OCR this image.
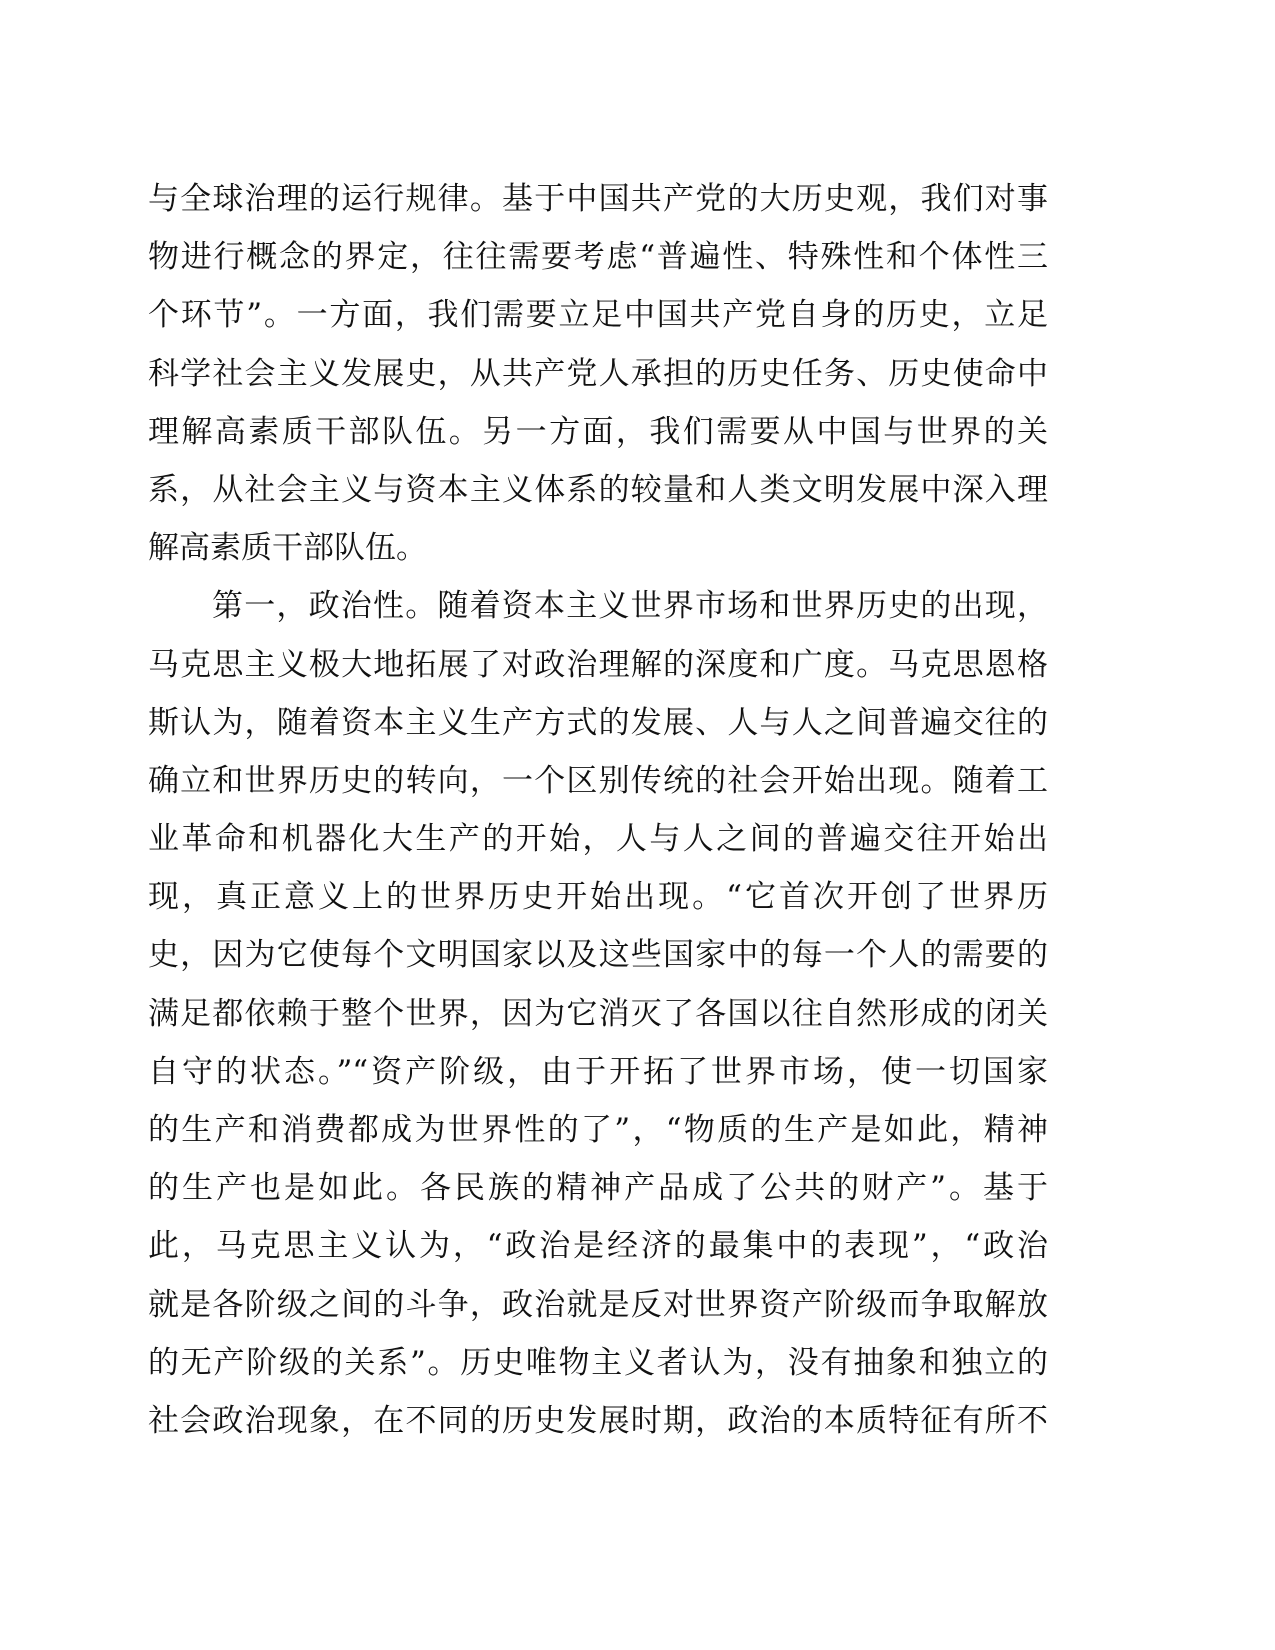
与全球治理的运行规律。基于中国共产党的大历史观，我们对事
物进行概念的界定，往往需要考虑“普遍性、特殊性和个体性三
个环节”。一方面，我们需要立足中国共产党自身的历史，立足
科学社会主义发展史，从共产党人承担的历史任务、历史使命中
理解高素质干部队伍。另一方面，我们需要从中国与世界的关
系，从社会主义与资本主义体系的较量和人类文明发展中深入理
解高素质干部队伍。
第一，政治性。随着资本主义世界市场和世界历史的出现，
马克思主义极大地拓展了对政治理解的深度和广度。马克思恩格
斯认为，随着资本主义生产方式的发展、人与人之间普遍交往的
确立和世界历史的转向，一个区别传统的社会开始出现。随着工
业革命和机器化大生产的开始，人与人之间的普遍交往开始出
现，真正意义上的世界历史开始出现。“它首次开创了世界历
史，因为它使每个文明国家以及这些国家中的每一个人的需要的
满足都依赖于整个世界，因为它消灭了各国以往自然形成的闭关
自守的状态。”“资产阶级，由于开拓了世界市场，使一切国家
的生产和消费都成为世界性的了”，“物质的生产是如此，精神
的生产也是如此。各民族的精神产品成了公共的财产”。基于
此，马克思主义认为，“政治是经济的最集中的表现”，“政治
就是各阶级之间的斗争，政治就是反对世界资产阶级而争取解放
的无产阶级的关系”。历史唯物主义者认为，没有抽象和独立的
社会政治现象，在不同的历史发展时期，政治的本质特征有所不
